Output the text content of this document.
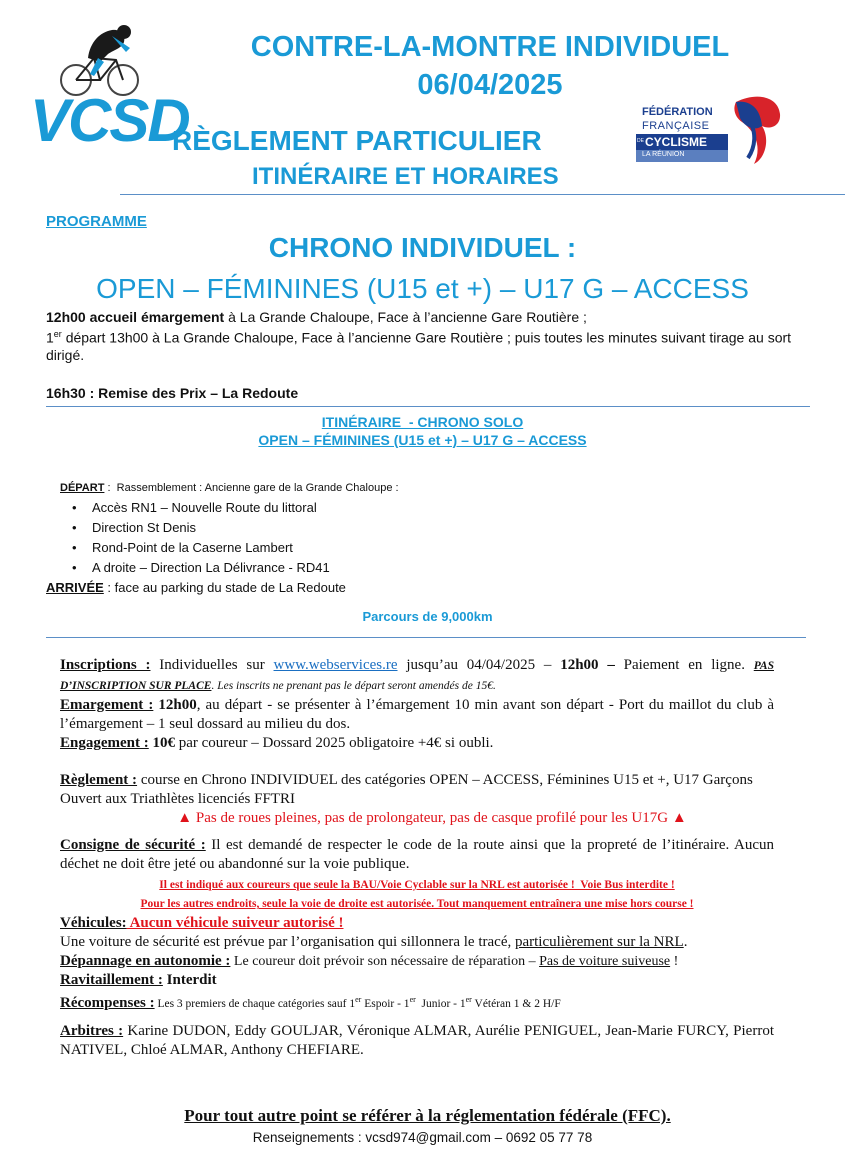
VCSD
CONTRE-LA-MONTRE INDIVIDUEL
06/04/2025
RÈGLEMENT PARTICULIER
ITINÉRAIRE ET HORAIRES
FÉDÉRATION
FRANÇAISE
DE CYCLISME
LA RÉUNION
PROGRAMME
CHRONO INDIVIDUEL :
OPEN – FÉMININES (U15 et +) – U17 G – ACCESS

12h00 accueil émargement à La Grande Chaloupe, Face à l’ancienne Gare Routière ;

1er départ 13h00 à La Grande Chaloupe, Face à l’ancienne Gare Routière ; puis toutes les minutes suivant tirage au sort dirigé.

16h30 : Remise des Prix – La Redoute
ITINÉRAIRE  - CHRONO SOLO
OPEN – FÉMININES (U15 et +) – U17 G – ACCESS
DÉPART :  Rassemblement : Ancienne gare de la Grande Chaloupe :
• Accès RN1 – Nouvelle Route du littoral
• Direction St Denis
• Rond-Point de la Caserne Lambert
• A droite – Direction La Délivrance - RD41
ARRIVÉE : face au parking du stade de La Redoute
Parcours de 9,000km

Inscriptions : Individuelles sur www.webservices.re jusqu’au 04/04/2025 – 12h00 – Paiement en ligne. PAS D’INSCRIPTION SUR PLACE. Les inscrits ne prenant pas le départ seront amendés de 15€.

Emargement : 12h00, au départ - se présenter à l’émargement 10 min avant son départ - Port du maillot du club à l’émargement – 1 seul dossard au milieu du dos.

Engagement : 10€ par coureur – Dossard 2025 obligatoire +4€ si oubli.

Règlement : course en Chrono INDIVIDUEL des catégories OPEN – ACCESS, Féminines U15 et +, U17 Garçons

Ouvert aux Triathlètes licenciés FFTRI

▲ Pas de roues pleines, pas de prolongateur, pas de casque profilé pour les U17G ▲

Consigne de sécurité : Il est demandé de respecter le code de la route ainsi que la propreté de l’itinéraire. Aucun déchet ne doit être jeté ou abandonné sur la voie publique.

Il est indiqué aux coureurs que seule la BAU/Voie Cyclable sur la NRL est autorisée !  Voie Bus interdite !

Pour les autres endroits, seule la voie de droite est autorisée. Tout manquement entraînera une mise hors course !

Véhicules: Aucun véhicule suiveur autorisé !

Une voiture de sécurité est prévue par l’organisation qui sillonnera le tracé, particulièrement sur la NRL.

Dépannage en autonomie : Le coureur doit prévoir son nécessaire de réparation – Pas de voiture suiveuse !

Ravitaillement : Interdit

Récompenses : Les 3 premiers de chaque catégories sauf 1er Espoir - 1er  Junior - 1er Vétéran 1 & 2 H/F

Arbitres : Karine DUDON, Eddy GOULJAR, Véronique ALMAR, Aurélie PENIGUEL, Jean-Marie FURCY, Pierrot NATIVEL, Chloé ALMAR, Anthony CHEFIARE.

Pour tout autre point se référer à la réglementation fédérale (FFC).
Renseignements : vcsd974@gmail.com – 0692 05 77 78
